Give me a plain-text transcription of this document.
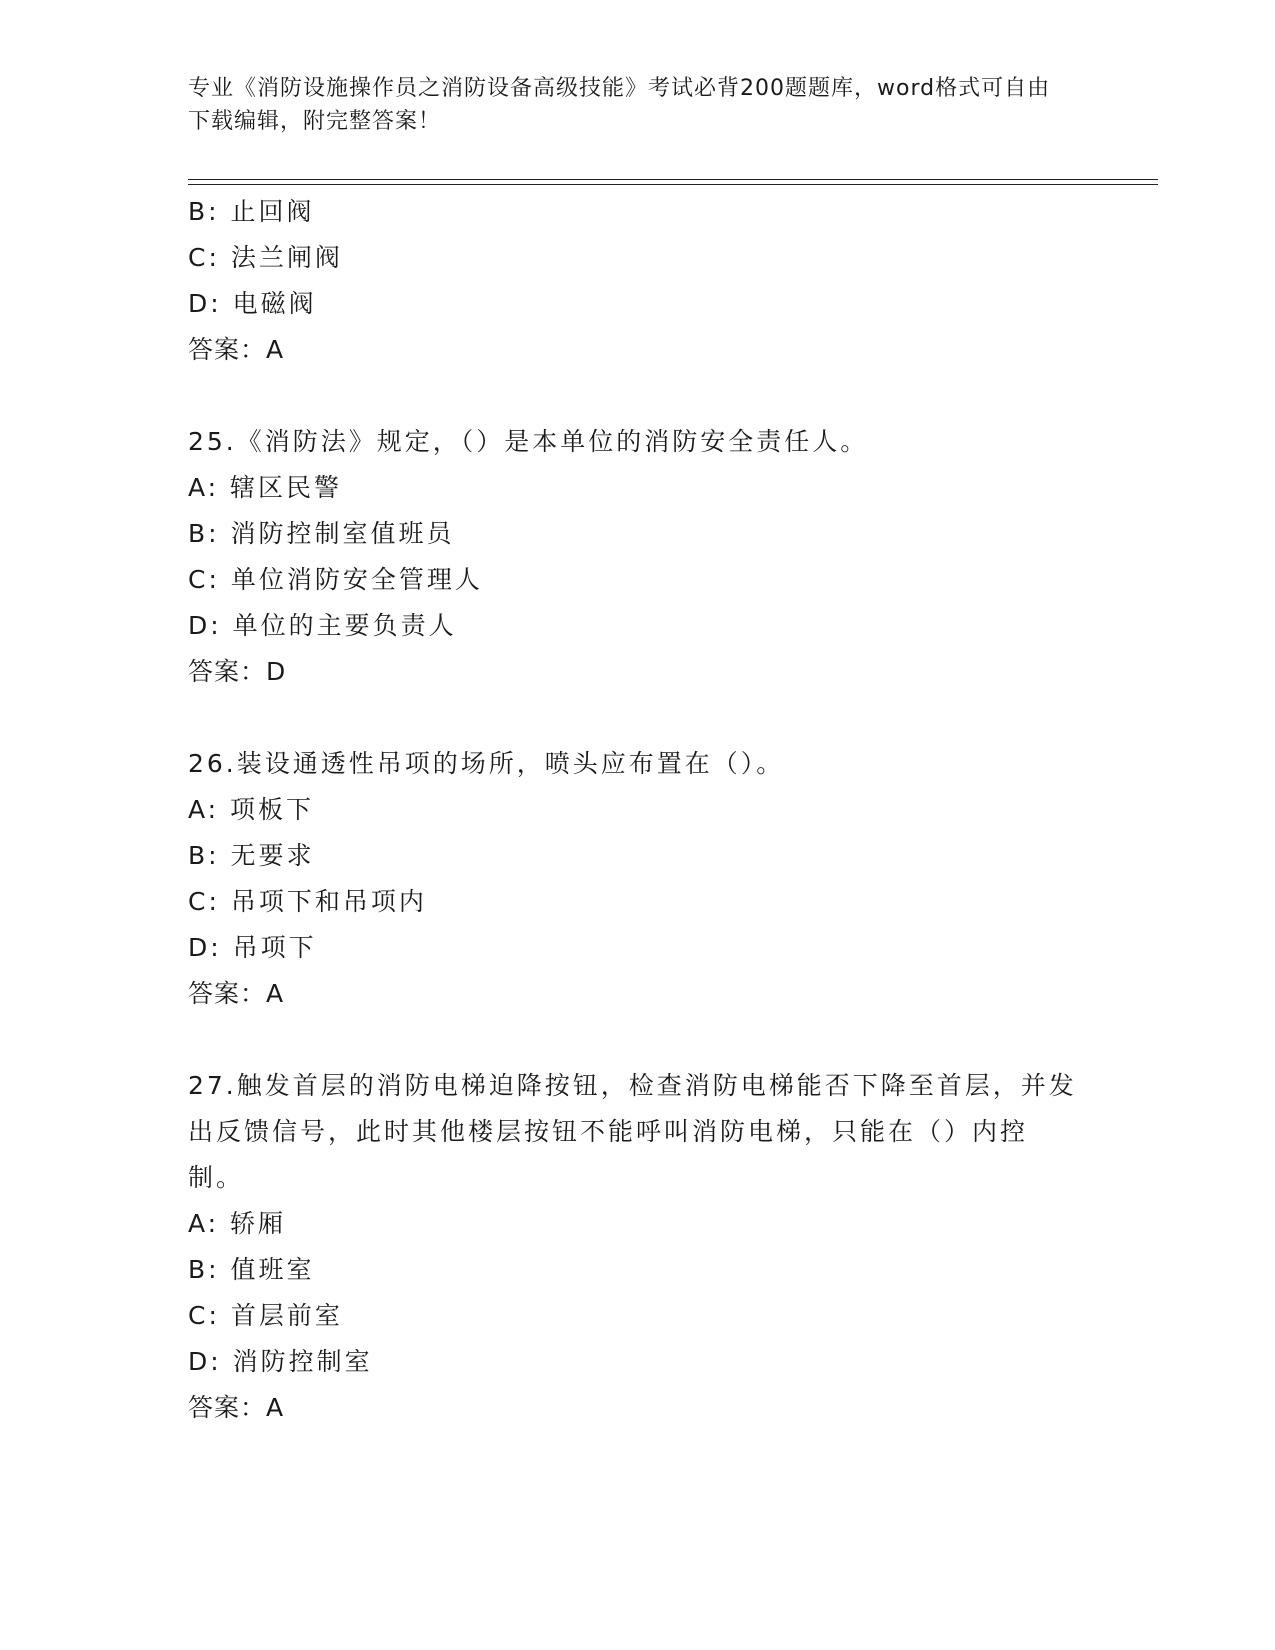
专业《消防设施操作员之消防设备高级技能》考试必背200题题库，word格式可自由下载编辑，附完整答案！
B: 止回阀
C: 法兰闸阀
D: 电磁阀
答案：A
25.《消防法》规定，（）是本单位的消防安全责任人。
A: 辖区民警
B: 消防控制室值班员
C: 单位消防安全管理人
D: 单位的主要负责人
答案：D
26.装设通透性吊项的场所，喷头应布置在（）。
A: 项板下
B: 无要求
C: 吊项下和吊项内
D: 吊项下
答案：A
27.触发首层的消防电梯迫降按钮，检查消防电梯能否下降至首层，并发出反馈信号，此时其他楼层按钮不能呼叫消防电梯，只能在（）内控制。
A: 轿厢
B: 值班室
C: 首层前室
D: 消防控制室
答案：A
